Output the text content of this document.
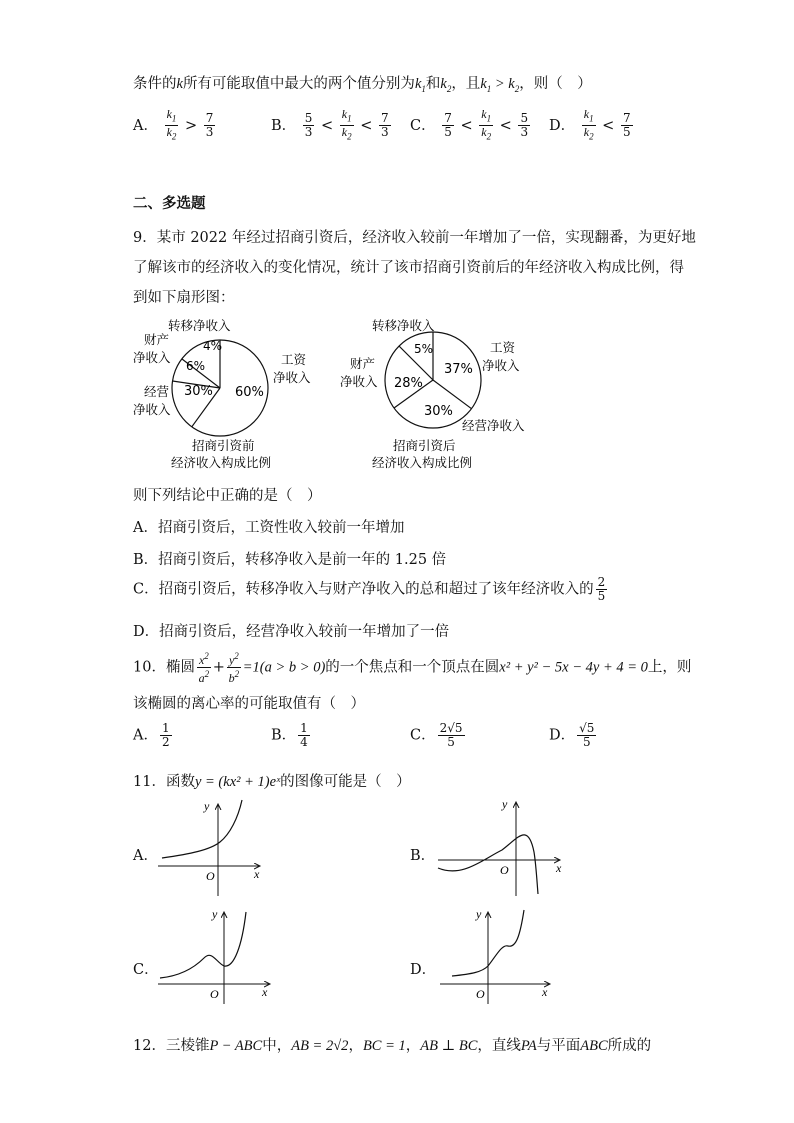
条件的k所有可能取值中最大的两个值分别为$k_1$和$k_2$，且$k_1 > k_2$，则（　）
A． $\frac{k_1}{k_2} > \frac{7}{3}$	B． $\frac{5}{3} < \frac{k_1}{k_2} < \frac{7}{3}$ C． $\frac{7}{5} < \frac{k_1}{k_2} < \frac{5}{3}$ D． $\frac{k_1}{k_2} < \frac{7}{5}$
二、多选题
9．某市 2022 年经过招商引资后，经济收入较前一年增加了一倍，实现翻番，为更好地
了解该市的经济收入的变化情况，统计了该市招商引资前后的年经济收入构成比例，得
到如下扇形图：
60%
30%
6%
4%
转移净收入
财产
净收入
经营
净收入
工资
净收入
招商引资前
经济收入构成比例
37%
30%
28%
5%
转移净收入
财产
净收入
经营净收入
工资
净收入
招商引资后
经济收入构成比例
则下列结论中正确的是（　）
A．招商引资后，工资性收入较前一年增加
B．招商引资后，转移净收入是前一年的 1.25 倍
C．招商引资后，转移净收入与财产净收入的总和超过了该年经济收入的 $\frac{2}{5}$
D．招商引资后，经营净收入较前一年增加了一倍
10．椭圆 $\frac{x^2}{a^2} + \frac{y^2}{b^2} =1(a > b > 0)$的一个焦点和一个顶点在圆x² + y² − 5x − 4y + 4 = 0上，则
该椭圆的离心率的可能取值有（　）
A． $\frac{1}{2}$	B． $\frac{1}{4}$	C． $\frac{2√5}{5}$	D． $\frac{√5}{5}$
11．函数y = (kx² + 1)eˣ的图像可能是（　）
A．	B．
C．	D．
O	x
y
O	x
y
O	x
y
O	x
y
12．三棱锥P − ABC中，AB = 2√2，BC = 1，AB ⊥ BC，直线PA与平面ABC所成的
